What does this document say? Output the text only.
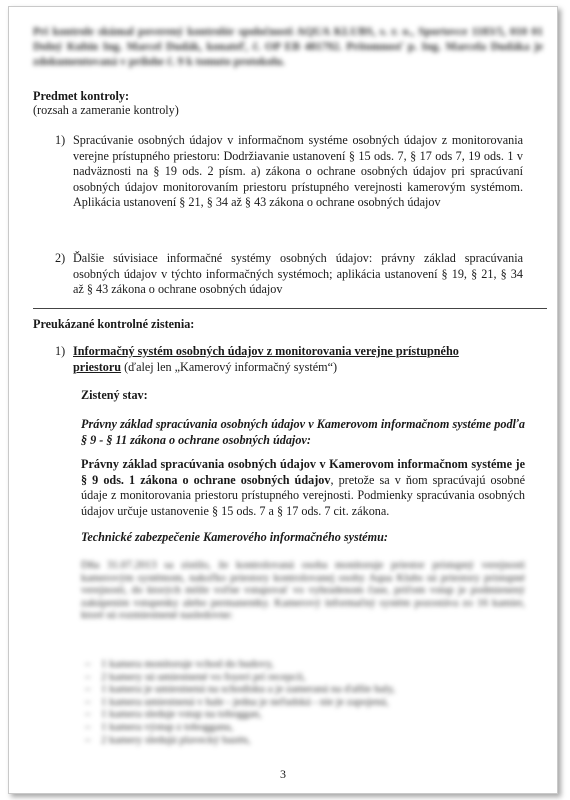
Pri kontrole skúmal poverený kontrolór spoločnosti AQUA KLUBS, s. r. o., Sportovce 1183/5, 010 01 Dolný Kubín Ing. Marcel Dudák, konateľ, č. OP EB 481792. Prítomnosť p. Ing. Marcela Dudáka je zdokumentovaná v prílohe č. 9 k tomuto protokolu.
Predmet kontroly:
(rozsah a zameranie kontroly)
1) Spracúvanie osobných údajov v informačnom systéme osobných údajov z monitorovania verejne prístupného priestoru: Dodržiavanie ustanovení § 15 ods. 7, § 17 ods 7, 19 ods. 1 v nadväznosti na § 19 ods. 2 písm. a) zákona o ochrane osobných údajov pri spracúvaní osobných údajov monitorovaním priestoru prístupného verejnosti kamerovým systémom. Aplikácia ustanovení § 21, § 34 až § 43 zákona o ochrane osobných údajov
2) Ďalšie súvisiace informačné systémy osobných údajov: právny základ spracúvania osobných údajov v týchto informačných systémoch; aplikácia ustanovení § 19, § 21, § 34 až § 43 zákona o ochrane osobných údajov
Preukázané kontrolné zistenia:
1) Informačný systém osobných údajov z monitorovania verejne prístupného priestoru (ďalej len „Kamerový informačný systém“)
Zistený stav:
Právny základ spracúvania osobných údajov v Kamerovom informačnom systéme podľa § 9 - § 11 zákona o ochrane osobných údajov:
Právny základ spracúvania osobných údajov v Kamerovom informačnom systéme je § 9 ods. 1 zákona o ochrane osobných údajov, pretože sa v ňom spracúvajú osobné údaje z monitorovania priestoru prístupného verejnosti. Podmienky spracúvania osobných údajov určuje ustanovenie § 15 ods. 7 a § 17 ods. 7 cit. zákona.
Technické zabezpečenie Kamerového informačného systému:
Dňa 31.07.2013 sa zistilo, že kontrolovaná osoba monitoruje priestor prístupný verejnosti kamerovým systémom, nakoľko priestory kontrolovanej osoby Aqua Klubs sú priestory prístupné verejnosti, do ktorých môže voľne vstupovať vo vyhradenom čase, pričom vstup je podmienený zakúpením vstupenky alebo permanentky. Kamerový informačný systém pozostáva zo 16 kamier, ktoré sú rozmiestnené nasledovne:
– 1 kamera monitoruje vchod do budovy,
– 2 kamery sú umiestnené vo foyeri pri recepcii,
– 1 kamera je umiestnená na schodisku a je zameraná na ďalšie haly,
– 1 kamera umiestnená v hale - jedna je neľudská - nie je zapojená,
– 1 kamera sleduje vstup na toboggan,
– 1 kamera výstup z tobogganu,
– 2 kamery sledujú plavecký bazén,
3
